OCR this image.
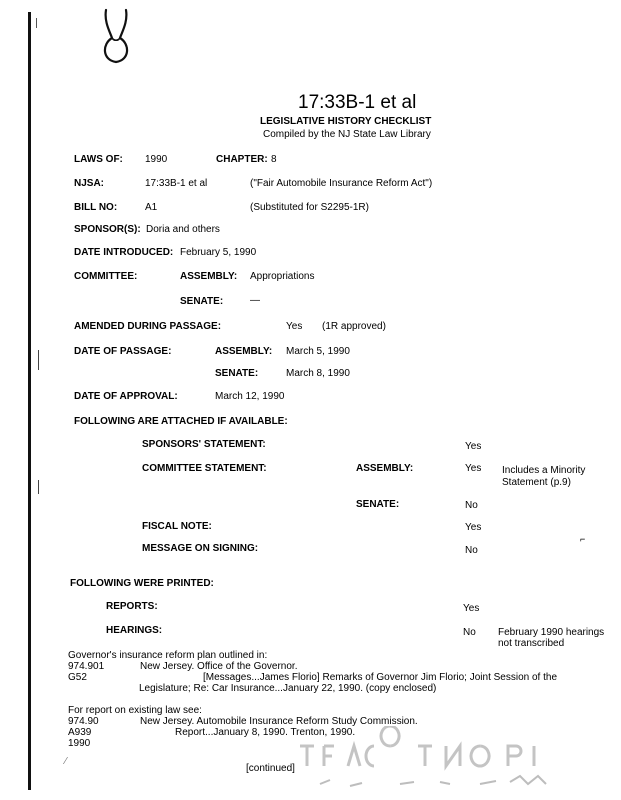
17:33B-1 et al
LEGISLATIVE HISTORY CHECKLIST
Compiled by the NJ State Law Library
LAWS OF: 1990	CHAPTER: 8
NJSA:	17:33B-1 et al	("Fair Automobile Insurance Reform Act")
BILL NO:	A1	(Substituted for S2295-1R)
SPONSOR(S): Doria and others
DATE INTRODUCED: February 5, 1990
COMMITTEE:	ASSEMBLY: Appropriations
SENATE:	—
AMENDED DURING PASSAGE:	Yes (1R approved)
DATE OF PASSAGE:	ASSEMBLY: March 5, 1990
SENATE:	March 8, 1990
DATE OF APPROVAL:	March 12, 1990
FOLLOWING ARE ATTACHED IF AVAILABLE:
SPONSORS' STATEMENT:	Yes
COMMITTEE STATEMENT:	ASSEMBLY:	Yes Includes a Minority
Statement (p.9)
SENATE:	No
FISCAL NOTE:	Yes
MESSAGE ON SIGNING:	No
FOLLOWING WERE PRINTED:
REPORTS:	Yes
HEARINGS:	No February 1990 hearings
not transcribed
Governor's insurance reform plan outlined in:
974.901	New Jersey. Office of the Governor.
G52	[Messages...James Florio] Remarks of Governor Jim Florio; Joint Session of the
Legislature; Re: Car Insurance...January 22, 1990. (copy enclosed)
For report on existing law see:
974.90	New Jersey. Automobile Insurance Reform Study Commission.
A939	Report...January 8, 1990. Trenton, 1990.
1990
⌐
⁄
[continued]
